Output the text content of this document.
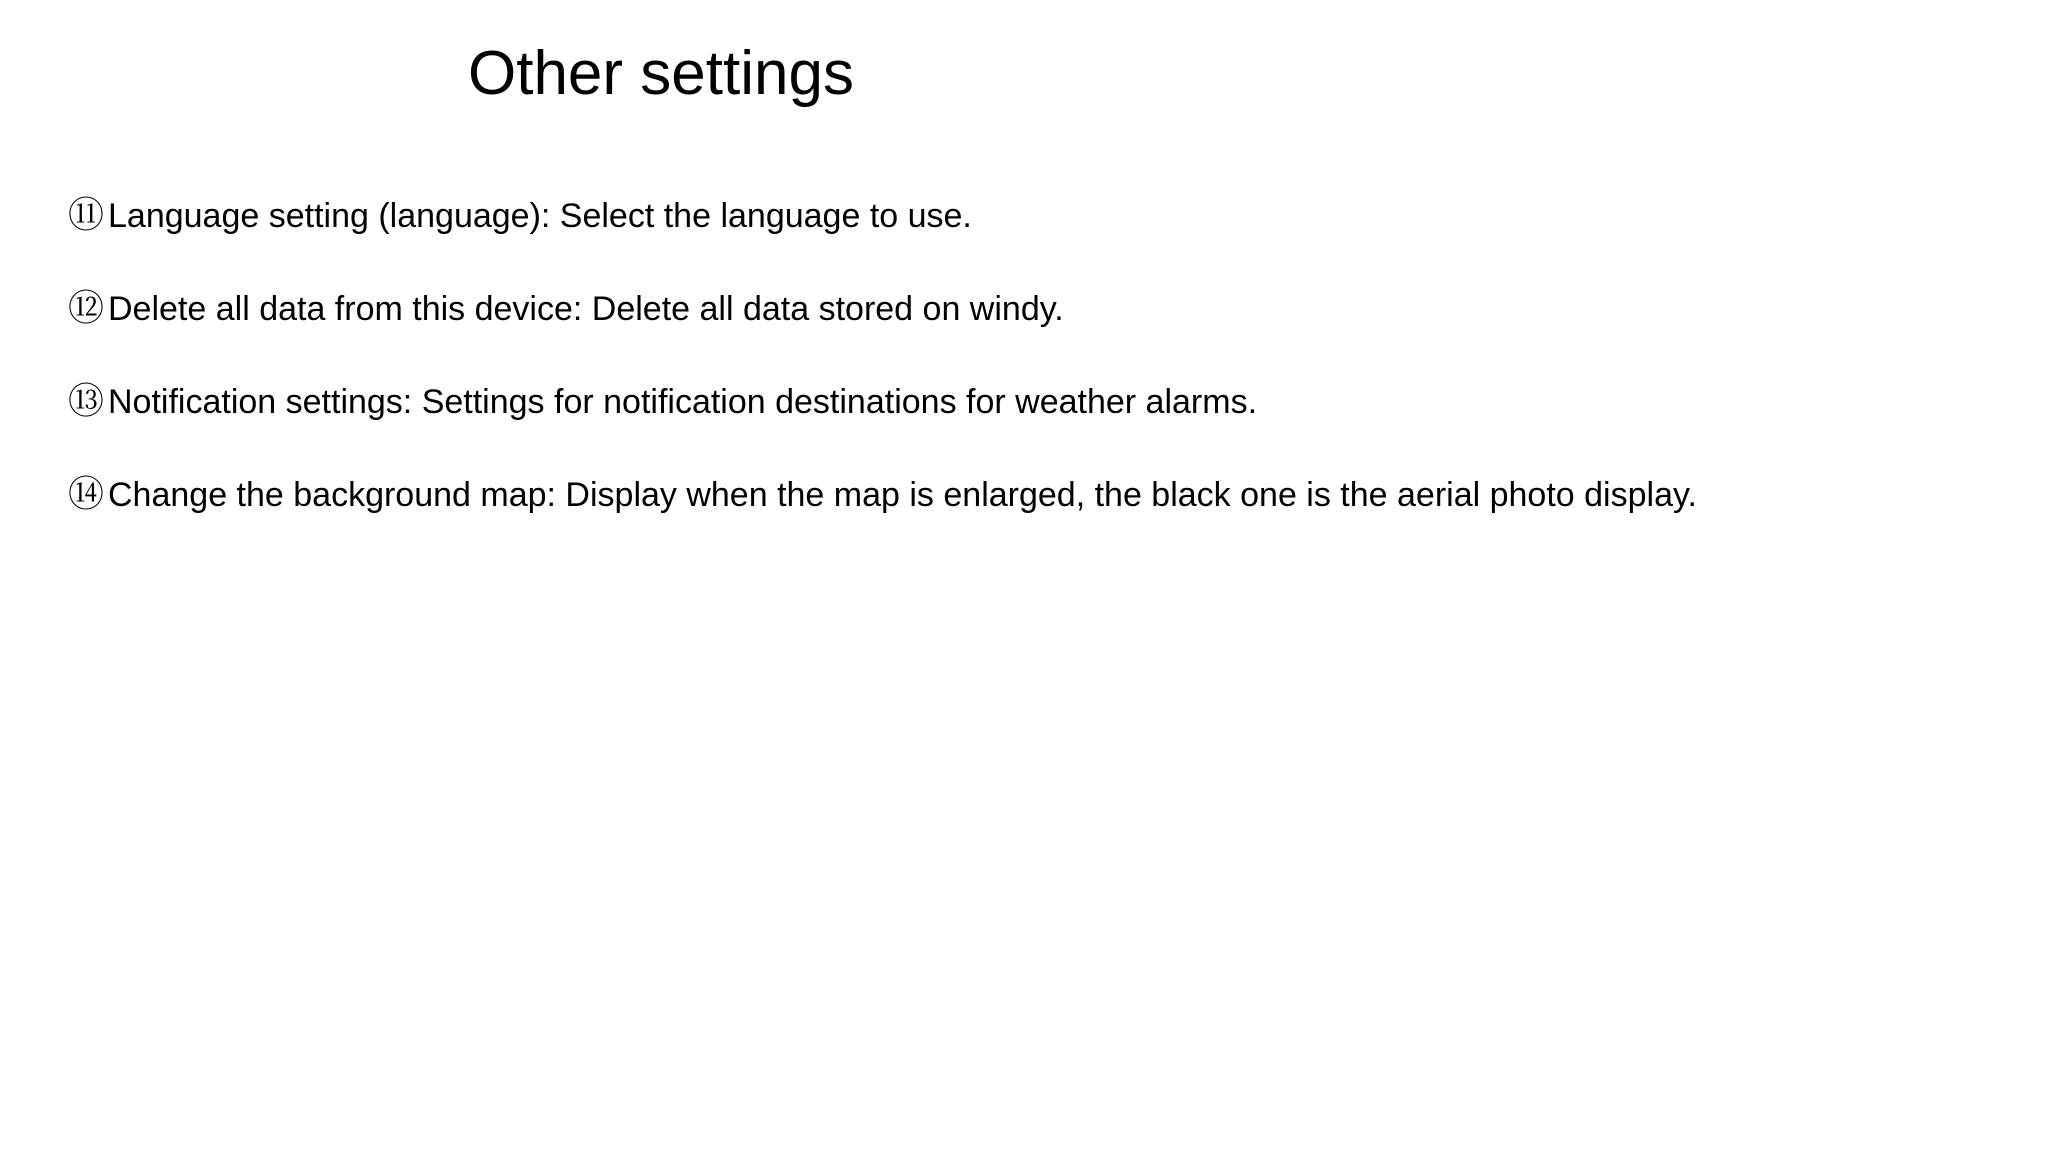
Other settings
⑪ Language setting (language): Select the language to use.
⑫ Delete all data from this device: Delete all data stored on windy.
⑬ Notification settings: Settings for notification destinations for weather alarms.
⑭ Change the background map: Display when the map is enlarged, the black one is the aerial photo display.
